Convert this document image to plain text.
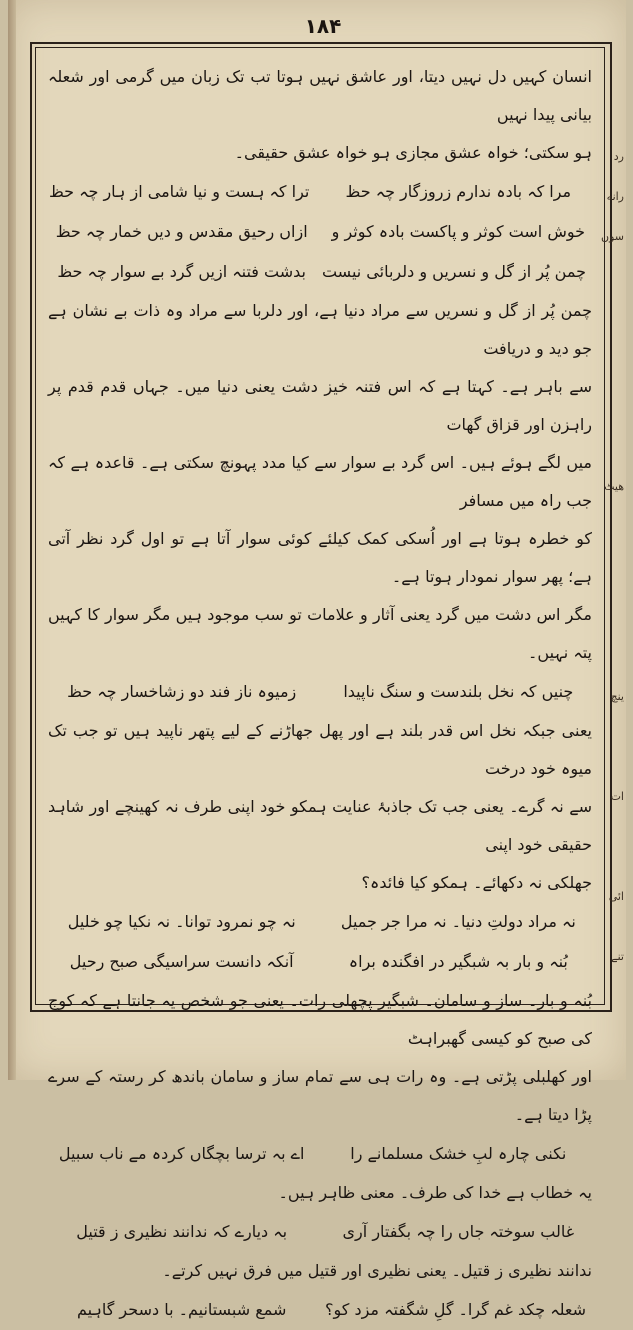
۱۸۴
انسان کہیں دل نہیں دیتا، اور عاشق نہیں ہوتا تب تک زبان میں گرمی اور شعلہ بیانی پیدا نہیں
ہو سکتی؛ خواہ عشق مجازی ہو خواہ عشق حقیقی۔
مرا کہ بادہ ندارم زروزگار چہ حظ
ترا کہ ہست و نیا شامی از ہار چہ حظ
خوش است کوثر و پاکست بادہ کوثر و
ازاں رحیق مقدس و دیں خمار چہ حظ
چمن پُر از گل و نسریں و دلربائی نیست
بدشت فتنہ ازیں گرد بے سوار چہ حظ
چمن پُر از گل و نسریں سے مراد دنیا ہے، اور دلربا سے مراد وہ ذات بے نشان ہے جو دید و دریافت
سے باہر ہے۔ کہتا ہے کہ اس فتنہ خیز دشت یعنی دنیا میں۔ جہاں قدم قدم پر راہزن اور قزاق گھات
میں لگے ہوئے ہیں۔ اس گرد بے سوار سے کیا مدد پہونچ سکتی ہے۔ قاعدہ ہے کہ جب راہ میں مسافر
کو خطرہ ہوتا ہے اور اُسکی کمک کیلئے کوئی سوار آتا ہے تو اول گرد نظر آتی ہے؛ پھر سوار نمودار ہوتا ہے۔
مگر اس دشت میں گرد یعنی آثار و علامات تو سب موجود ہیں مگر سوار کا کہیں پتہ نہیں۔
چنیں کہ نخل بلندست و سنگ ناپیدا
زمیوہ ناز فند دو زشاخسار چہ حظ
یعنی جبکہ نخل اس قدر بلند ہے اور پھل جھاڑنے کے لیے پتھر ناپید ہیں تو جب تک میوہ خود درخت
سے نہ گرے۔ یعنی جب تک جاذبۂ عنایت ہمکو خود اپنی طرف نہ کھینچے اور شاہد حقیقی خود اپنی
جھلکی نہ دکھائے۔ ہمکو کیا فائدہ؟
نہ مراد دولتِ دنیا۔ نہ مرا جر جمیل
نہ چو نمرود توانا۔ نہ نکیا چو خلیل
بُنہ و بار بہ شبگیر در افگندہ براہ
آنکہ دانست سراسیگی صبح رحیل
بُنہ و بار۔ ساز و سامان۔ شبگیر پچھلی رات۔ یعنی جو شخص یہ جانتا ہے کہ کوچ کی صبح کو کیسی گھبراہٹ
اور کھلبلی پڑتی ہے۔ وہ رات ہی سے تمام ساز و سامان باندھ کر رستہ کے سرے پڑا دیتا ہے۔
نکنی چارہ لبِ خشک مسلمانے را
اے بہ ترسا بچگاں کردہ مے ناب سبیل
یہ خطاب ہے خدا کی طرف۔ معنی ظاہر ہیں۔
غالب سوختہ جاں را چہ بگفتار آری
بہ دیارے کہ ندانند نظیری ز قتیل
ندانند نظیری ز قتیل۔ یعنی نظیری اور قتیل میں فرق نہیں کرتے۔
شعلہ چکد غم گرا۔ گلِ شگفتہ مزد کو؟
شمع شبستانیم۔ با دسحر گاہیم
رد
رانه
سون
ھیٹ
ینچ
ات
ائی
تنے
